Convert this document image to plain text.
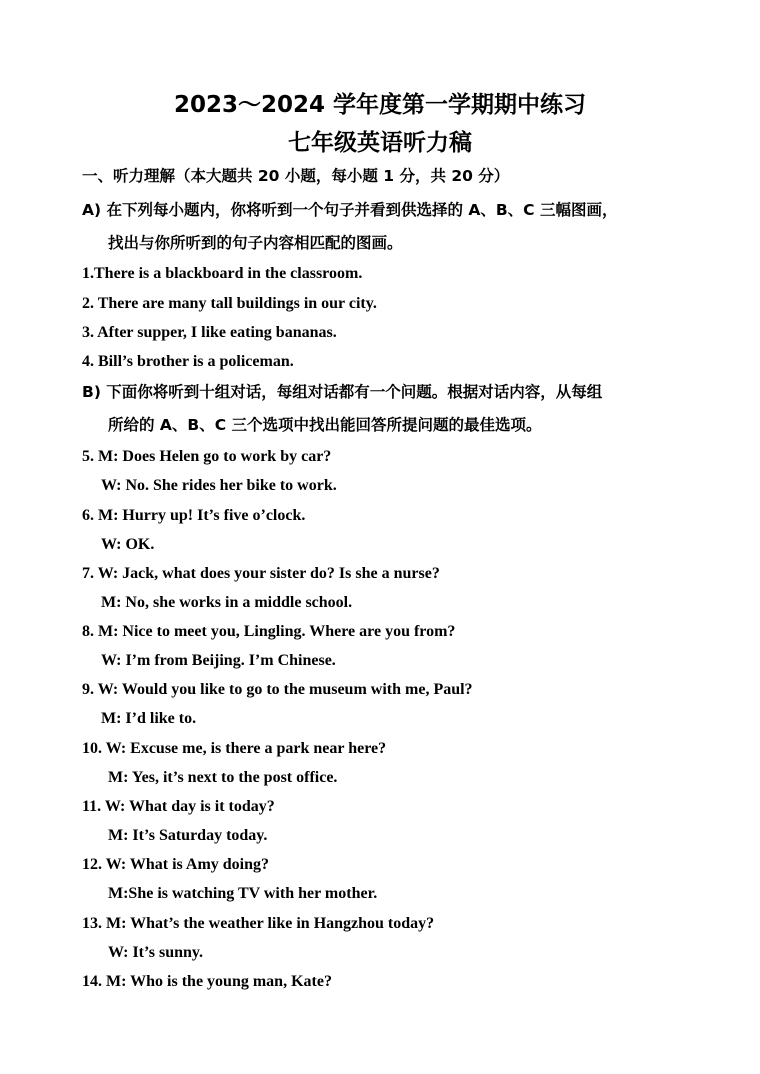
2023～2024 学年度第一学期期中练习
七年级英语听力稿
一、听力理解（本大题共 20 小题，每小题 1 分，共 20 分）
A) 在下列每小题内，你将听到一个句子并看到供选择的 A、B、C 三幅图画，
找出与你所听到的句子内容相匹配的图画。
1.There is a blackboard in the classroom.
2. There are many tall buildings in our city.
3. After supper, I like eating bananas.
4. Bill’s brother is a policeman.
B) 下面你将听到十组对话，每组对话都有一个问题。根据对话内容，从每组
所给的 A、B、C 三个选项中找出能回答所提问题的最佳选项。
5. M: Does Helen go to work by car?
W: No. She rides her bike to work.
6. M: Hurry up! It’s five o’clock.
W: OK.
7. W: Jack, what does your sister do? Is she a nurse?
M: No, she works in a middle school.
8. M: Nice to meet you, Lingling. Where are you from?
W: I’m from Beijing. I’m Chinese.
9. W: Would you like to go to the museum with me, Paul?
M: I’d like to.
10. W: Excuse me, is there a park near here?
M: Yes, it’s next to the post office.
11. W: What day is it today?
M: It’s Saturday today.
12. W: What is Amy doing?
M:She is watching TV with her mother.
13. M: What’s the weather like in Hangzhou today?
W: It’s sunny.
14. M: Who is the young man, Kate?
